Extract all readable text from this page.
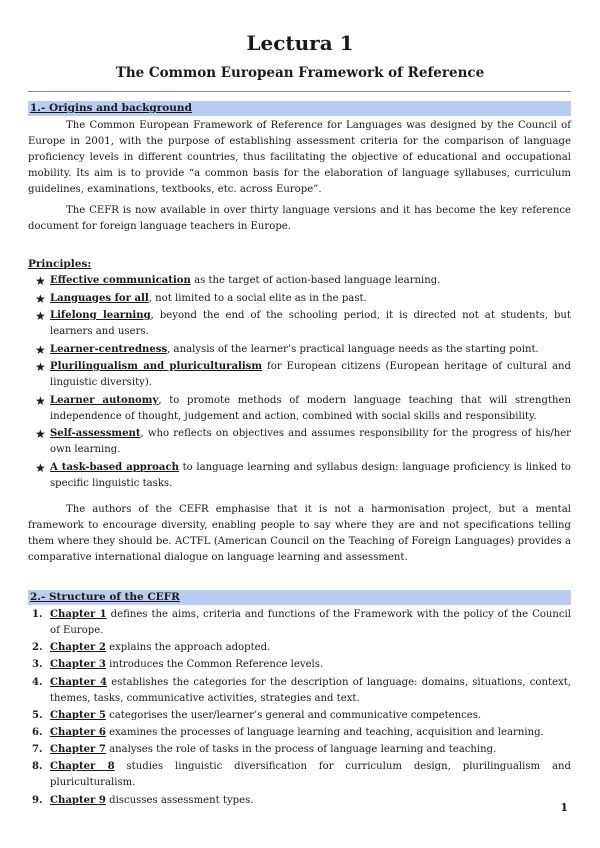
Lectura 1
The Common European Framework of Reference
1.- Origins and background

The Common European Framework of Reference for Languages was designed by the Council of Europe in 2001, with the purpose of establishing assessment criteria for the comparison of language proficiency levels in different countries, thus facilitating the objective of educational and occupational mobility. Its aim is to provide “a common basis for the elaboration of language syllabuses, curriculum guidelines, examinations, textbooks, etc. across Europe”.

The CEFR is now available in over thirty language versions and it has become the key reference document for foreign language teachers in Europe.

Principles:
★ Effective communication as the target of action-based language learning.
★ Languages for all, not limited to a social elite as in the past.
★ Lifelong learning, beyond the end of the schooling period, it is directed not at students, but learners and users.
★ Learner-centredness, analysis of the learner’s practical language needs as the starting point.
★ Plurilingualism and pluriculturalism for European citizens (European heritage of cultural and linguistic diversity).
★ Learner autonomy, to promote methods of modern language teaching that will strengthen independence of thought, judgement and action, combined with social skills and responsibility.
★ Self-assessment, who reflects on objectives and assumes responsibility for the progress of his/her own learning.
★ A task-based approach to language learning and syllabus design: language proficiency is linked to specific linguistic tasks.

The authors of the CEFR emphasise that it is not a harmonisation project, but a mental framework to encourage diversity, enabling people to say where they are and not specifications telling them where they should be. ACTFL (American Council on the Teaching of Foreign Languages) provides a comparative international dialogue on language learning and assessment.

2.- Structure of the CEFR
1. Chapter 1 defines the aims, criteria and functions of the Framework with the policy of the Council of Europe.
2. Chapter 2 explains the approach adopted.
3. Chapter 3 introduces the Common Reference levels.
4. Chapter 4 establishes the categories for the description of language: domains, situations, context, themes, tasks, communicative activities, strategies and text.
5. Chapter 5 categorises the user/learner’s general and communicative competences.
6. Chapter 6 examines the processes of language learning and teaching, acquisition and learning.
7. Chapter 7 analyses the role of tasks in the process of language learning and teaching.
8. Chapter 8 studies linguistic diversification for curriculum design, plurilingualism and pluriculturalism.
9. Chapter 9 discusses assessment types.
1
